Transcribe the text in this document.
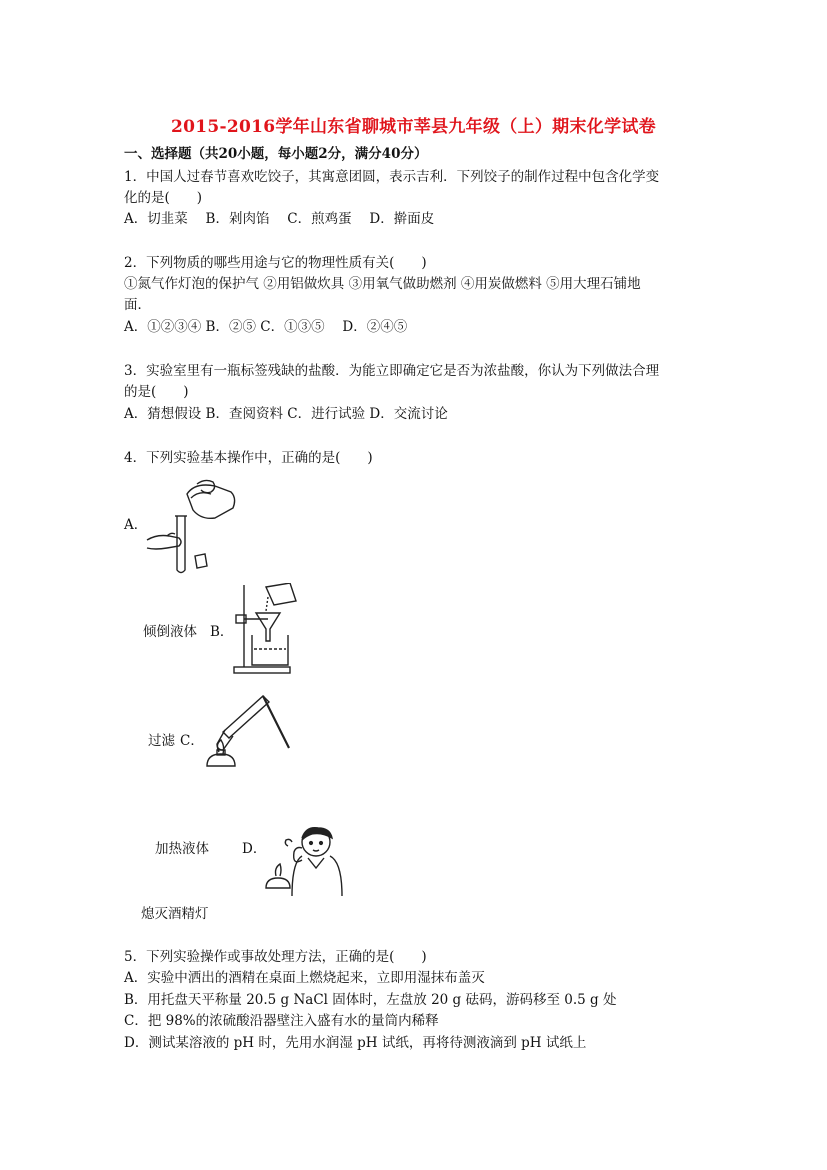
2015-2016学年山东省聊城市莘县九年级（上）期末化学试卷
一、选择题（共20小题，每小题2分，满分40分）
1．中国人过春节喜欢吃饺子，其寓意团圆，表示吉利．下列饺子的制作过程中包含化学变
化的是(　　)
A．切韭菜　 B．剁肉馅　 C．煎鸡蛋　 D．擀面皮
2．下列物质的哪些用途与它的物理性质有关(　　)
①氮气作灯泡的保护气 ②用铝做炊具 ③用氧气做助燃剂 ④用炭做燃料 ⑤用大理石铺地
面．
A．①②③④ B．②⑤ C．①③⑤　 D．②④⑤
3．实验室里有一瓶标签残缺的盐酸．为能立即确定它是否为浓盐酸，你认为下列做法合理
的是(　　)
A．猜想假设 B．查阅资料 C．进行试验 D．交流讨论
4．下列实验基本操作中，正确的是(　　)
A．
倾倒液体 B．
过滤 C．
加热液体 D．
熄灭酒精灯
5．下列实验操作或事故处理方法，正确的是(　　)
A．实验中洒出的酒精在桌面上燃烧起来，立即用湿抹布盖灭
B．用托盘天平称量 20.5 g NaCl 固体时，左盘放 20 g 砝码，游码移至 0.5 g 处
C．把 98%的浓硫酸沿器壁注入盛有水的量筒内稀释
D．测试某溶液的 pH 时，先用水润湿 pH 试纸，再将待测液滴到 pH 试纸上
